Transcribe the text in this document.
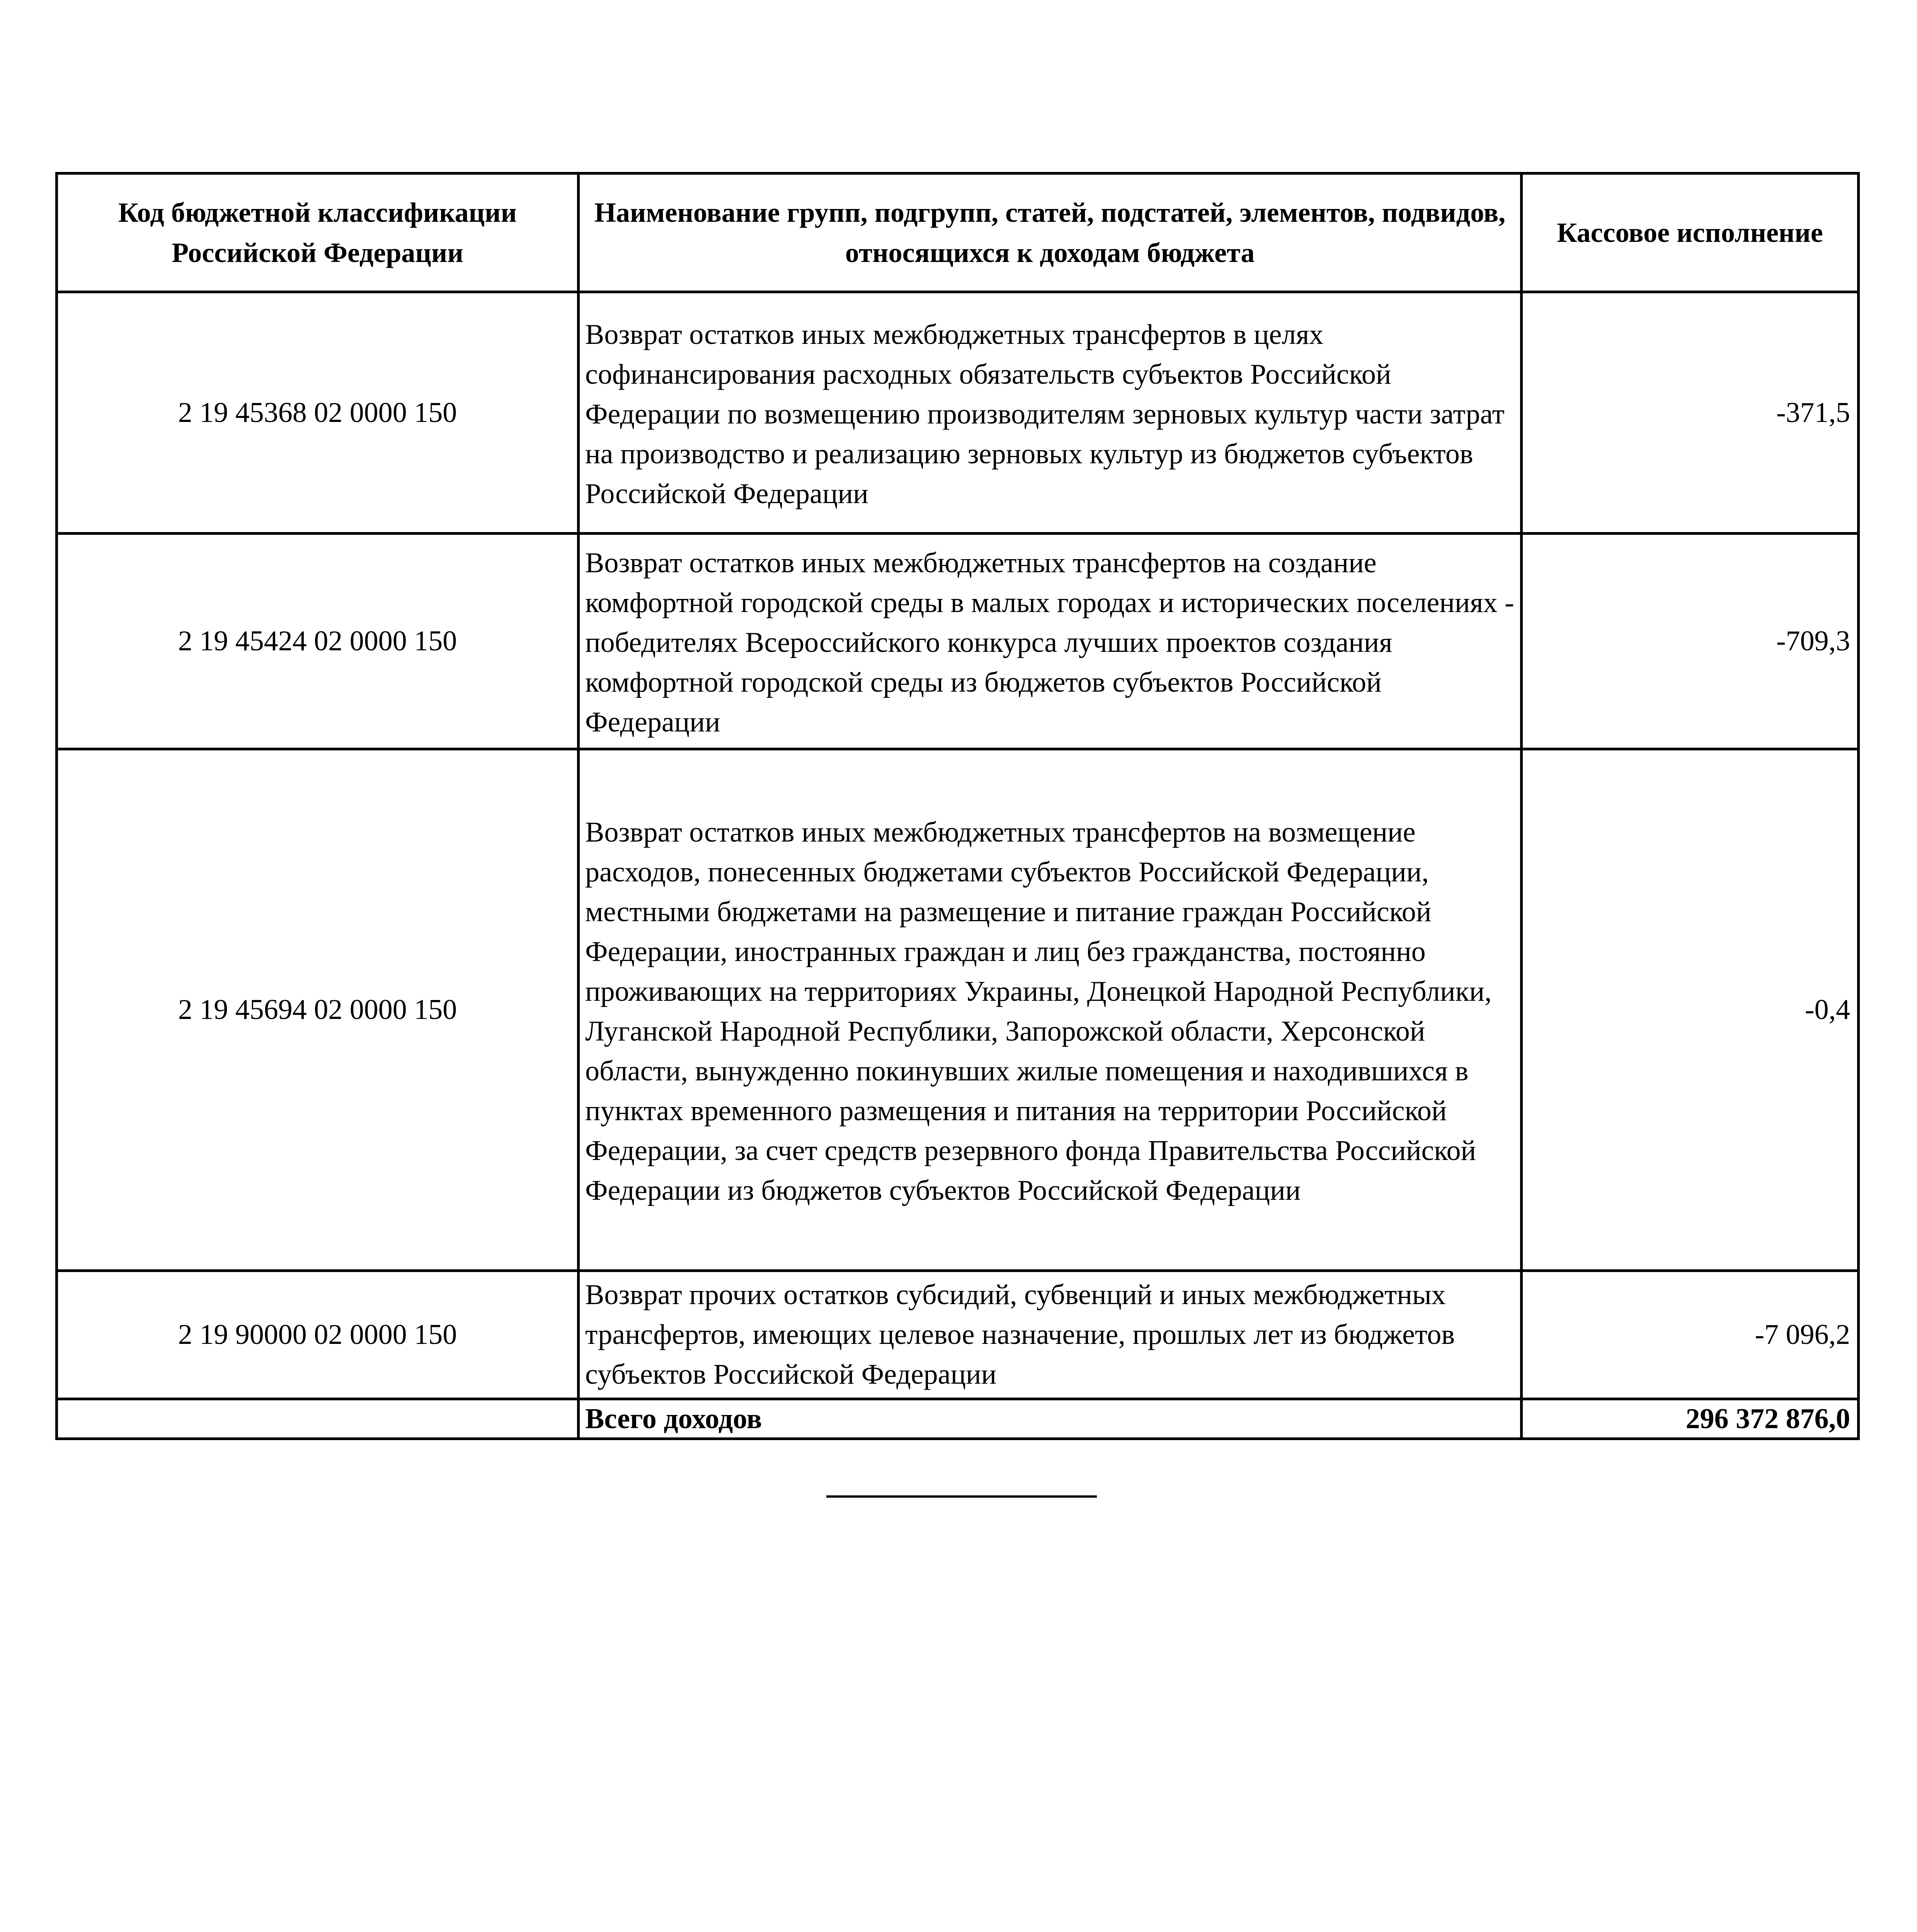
Код бюджетной классификации Российской Федерации	Наименование групп, подгрупп, статей, подстатей, элементов, подвидов, относящихся к доходам бюджета	Кассовое исполнение
2 19 45368 02 0000 150	Возврат остатков иных межбюджетных трансфертов в целях софинансирования расходных обязательств субъектов Российской Федерации по возмещению производителям зерновых культур части затрат на производство и реализацию зерновых культур из бюджетов субъектов Российской Федерации	-371,5
2 19 45424 02 0000 150	Возврат остатков иных межбюджетных трансфертов на создание комфортной городской среды в малых городах и исторических поселениях - победителях Всероссийского конкурса лучших проектов создания комфортной городской среды из бюджетов субъектов Российской Федерации	-709,3
2 19 45694 02 0000 150	Возврат остатков иных межбюджетных трансфертов на возмещение расходов, понесенных бюджетами субъектов Российской Федерации, местными бюджетами на размещение и питание граждан Российской Федерации, иностранных граждан и лиц без гражданства, постоянно проживающих на территориях Украины, Донецкой Народной Республики, Луганской Народной Республики, Запорожской области, Херсонской области, вынужденно покинувших жилые помещения и находившихся в пунктах временного размещения и питания на территории Российской Федерации, за счет средств резервного фонда Правительства Российской Федерации из бюджетов субъектов Российской Федерации	-0,4
2 19 90000 02 0000 150	Возврат прочих остатков субсидий, субвенций и иных межбюджетных трансфертов, имеющих целевое назначение, прошлых лет из бюджетов субъектов Российской Федерации	-7 096,2
	Всего доходов	296 372 876,0
